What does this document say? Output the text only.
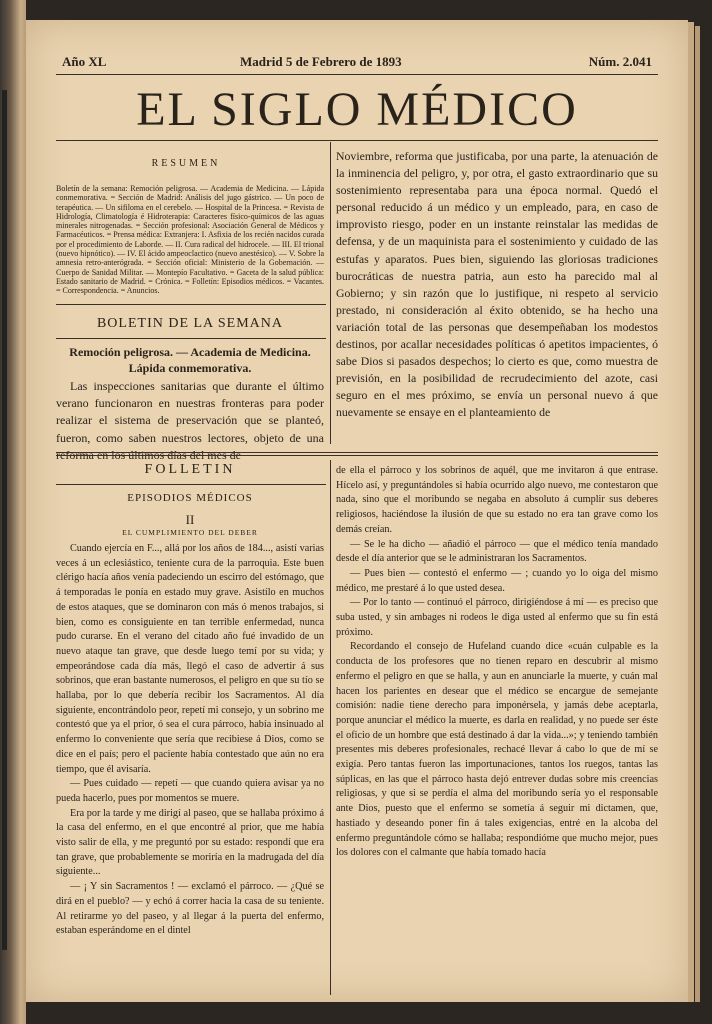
Año XL	Madrid 5 de Febrero de 1893	Núm. 2.041
EL SIGLO MÉDICO
RESUMEN
Boletín de la semana: Remoción peligrosa. — Academia de Medicina. — Lápida conmemorativa. = Sección de Madrid: Análisis del jugo gástrico. — Un poco de terapéutica. — Un sifiloma en el cerebelo. — Hospital de la Princesa. = Revista de Hidrología, Climatología é Hidroterapia: Caracteres físico-químicos de las aguas minerales nitrogenadas. = Sección profesional: Asociación General de Médicos y Farmacéuticos. = Prensa médica: Extranjera: I. Asfixia de los recién nacidos curada por el procedimiento de Laborde. — II. Cura radical del hidrocele. — III. El trional (nuevo hipnótico). — IV. El ácido ampeoclactico (nuevo anestésico). — V. Sobre la amnesia retro-anterógrada. = Sección oficial: Ministerio de la Gobernación. — Cuerpo de Sanidad Militar. — Montepío Facultativo. = Gaceta de la salud pública: Estado sanitario de Madrid. = Crónica. = Folletín: Episodios médicos. = Vacantes. = Correspondencia. = Anuncios.
BOLETIN DE LA SEMANA
Remoción peligrosa. — Academia de Medicina. Lápida conmemorativa.

Las inspecciones sanitarias que durante el último verano funcionaron en nuestras fronteras para poder realizar el sistema de preservación que se planteó, fueron, como saben nuestros lectores, objeto de una reforma en los últimos días del mes de

Noviembre, reforma que justificaba, por una parte, la atenuación de la inminencia del peligro, y, por otra, el gasto extraordinario que su sostenimiento representaba para una época normal. Quedó el personal reducido á un médico y un empleado, para, en caso de improvisto riesgo, poder en un instante reinstalar las medidas de defensa, y de un maquinista para el sostenimiento y cuidado de las estufas y aparatos. Pues bien, siguiendo las gloriosas tradiciones burocráticas de nuestra patria, aun esto ha parecido mal al Gobierno; y sin razón que lo justifique, ni respeto al servicio prestado, ni consideración al éxito obtenido, se ha hecho una variación total de las personas que desempeñaban los modestos destinos, por acallar necesidades políticas ó apetitos impacientes, ó sabe Dios si pasados despechos; lo cierto es que, como muestra de previsión, en la posibilidad de recrudecimiento del azote, casi seguro en el mes próximo, se envía un personal nuevo á que nuevamente se ensaye en el planteamiento de

FOLLETIN
EPISODIOS MÉDICOS
II
EL CUMPLIMIENTO DEL DEBER

Cuando ejercía en F..., allá por los años de 184..., asistí varias veces á un eclesiástico, teniente cura de la parroquia. Este buen clérigo hacía años venía padeciendo un escirro del estómago, que á temporadas le ponía en estado muy grave. Asistílo en muchos de estos ataques, que se dominaron con más ó menos trabajos, si bien, como es consiguiente en tan terrible enfermedad, nunca pudo curarse. En el verano del citado año fué invadido de un nuevo ataque tan grave, que desde luego temí por su vida; y empeorándose cada día más, llegó el caso de advertir á sus sobrinos, que eran bastante numerosos, el peligro en que su tío se hallaba, por lo que debería recibir los Sacramentos. Al día siguiente, encontrándolo peor, repetí mi consejo, y un sobrino me contestó que ya el prior, ó sea el cura párroco, había insinuado al enfermo lo conveniente que sería que recibiese á Dios, como se dice en el país; pero el paciente había contestado que aún no era tiempo, que él avisaría.

— Pues cuidado — repetí — que cuando quiera avisar ya no pueda hacerlo, pues por momentos se muere.

Era por la tarde y me dirigí al paseo, que se hallaba próximo á la casa del enfermo, en el que encontré al prior, que me había visto salir de ella, y me preguntó por su estado: respondí que era tan grave, que probablemente se moriría en la madrugada del día siguiente...

— ¡ Y sin Sacramentos ! — exclamó el párroco. — ¿Qué se dirá en el pueblo? — y echó á correr hacia la casa de su teniente. Al retirarme yo del paseo, y al llegar á la puerta del enfermo, estaban esperándome en el dintel

de ella el párroco y los sobrinos de aquél, que me invitaron á que entrase. Hícelo así, y preguntándoles si había ocurrido algo nuevo, me contestaron que nada, sino que el moribundo se negaba en absoluto á cumplir sus deberes religiosos, haciéndose la ilusión de que su estado no era tan grave como los demás creían.

— Se le ha dicho — añadió el párroco — que el médico tenía mandado desde el día anterior que se le administraran los Sacramentos.

— Pues bien — contestó el enfermo — ; cuando yo lo oiga del mismo médico, me prestaré á lo que usted desea.

— Por lo tanto — continuó el párroco, dirigiéndose á mí — es preciso que suba usted, y sin ambages ni rodeos le diga usted al enfermo que su fin está próximo.

Recordando el consejo de Hufeland cuando dice «cuán culpable es la conducta de los profesores que no tienen reparo en descubrir al mismo enfermo el peligro en que se halla, y aun en anunciarle la muerte, y cuán mal hacen los parientes en desear que el médico se encargue de semejante comisión: nadie tiene derecho para imponérsela, y jamás debe aceptarla, porque anunciar el médico la muerte, es darla en realidad, y no puede ser éste el oficio de un hombre que está destinado á dar la vida...»; y teniendo también presentes mis deberes profesionales, rechacé llevar á cabo lo que de mí se exigía. Pero tantas fueron las importunaciones, tantos los ruegos, tantas las súplicas, en las que el párroco hasta dejó entrever dudas sobre mis creencias religiosas, y que si se perdía el alma del moribundo sería yo el responsable ante Dios, puesto que el enfermo se sometía á seguir mi dictamen, que, hastiado y deseando poner fin á tales exigencias, entré en la alcoba del enfermo preguntándole cómo se hallaba; respondióme que mucho mejor, pues los dolores con el calmante que había tomado hacía
